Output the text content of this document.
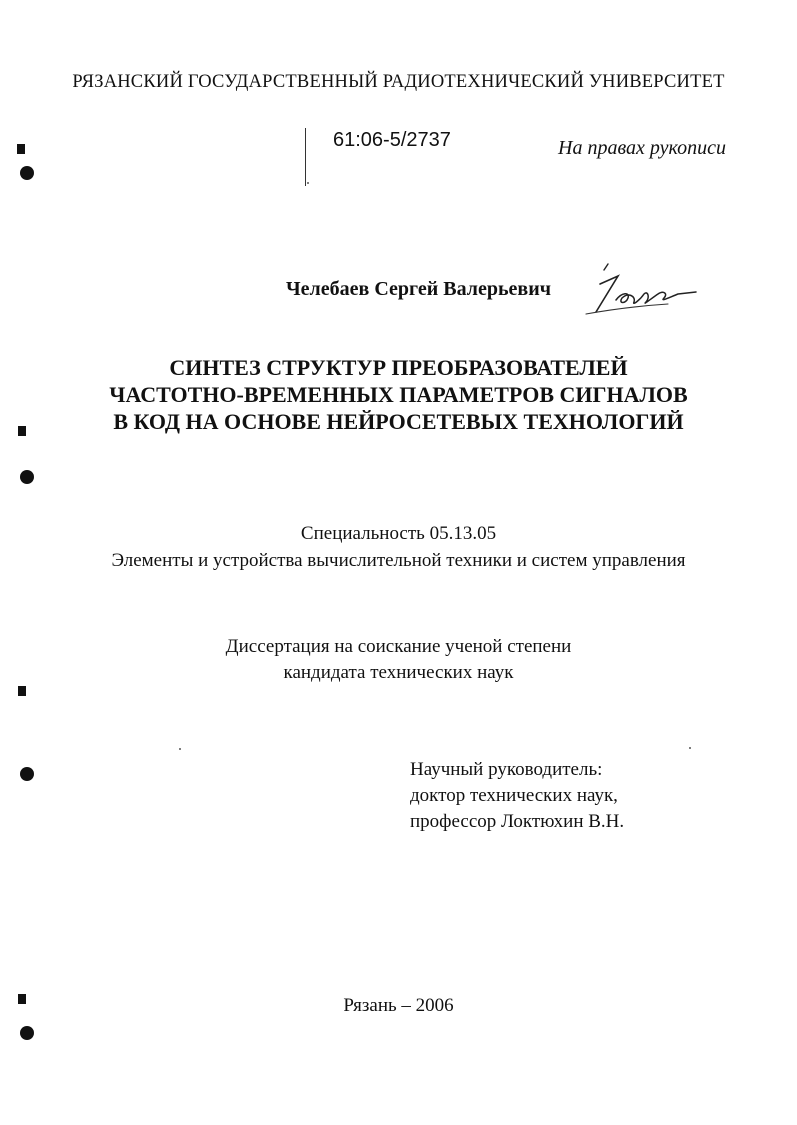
РЯЗАНСКИЙ ГОСУДАРСТВЕННЫЙ РАДИОТЕХНИЧЕСКИЙ УНИВЕРСИТЕТ
61:06-5/2737	На правах рукописи
Челебаев Сергей Валерьевич
СИНТЕЗ СТРУКТУР ПРЕОБРАЗОВАТЕЛЕЙ
ЧАСТОТНО-ВРЕМЕННЫХ ПАРАМЕТРОВ СИГНАЛОВ
В КОД НА ОСНОВЕ НЕЙРОСЕТЕВЫХ ТЕХНОЛОГИЙ
Специальность 05.13.05
Элементы и устройства вычислительной техники и систем управления
Диссертация на соискание ученой степени
кандидата технических наук
Научный руководитель:
доктор технических наук,
профессор Локтюхин В.Н.
Рязань – 2006
